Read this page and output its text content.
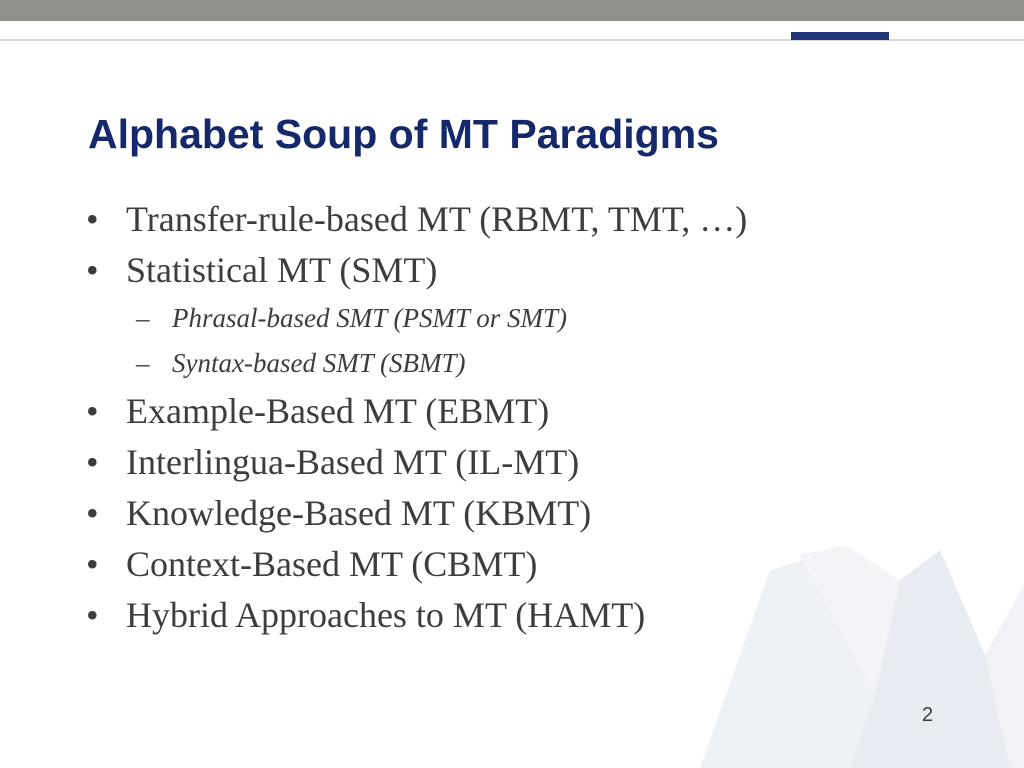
Alphabet Soup of MT Paradigms
• Transfer-rule-based MT (RBMT, TMT, …)
• Statistical MT (SMT)
– Phrasal-based SMT (PSMT or SMT)
– Syntax-based SMT (SBMT)
• Example-Based MT (EBMT)
• Interlingua-Based MT (IL-MT)
• Knowledge-Based MT (KBMT)
• Context-Based MT (CBMT)
• Hybrid Approaches to MT (HAMT)
2
